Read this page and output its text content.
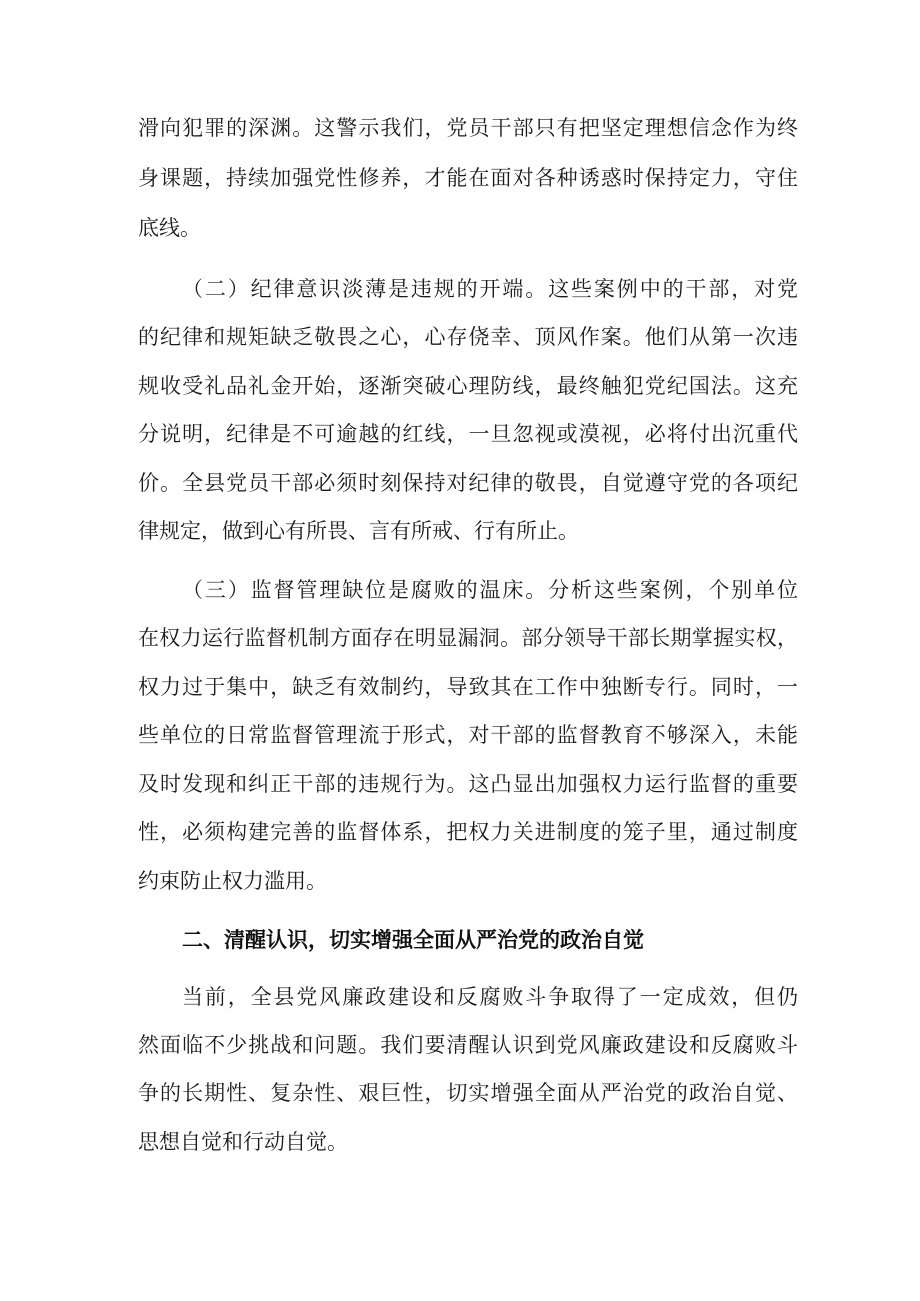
滑向犯罪的深渊。这警示我们，党员干部只有把坚定理想信念作为终
身课题，持续加强党性修养，才能在面对各种诱惑时保持定力，守住
底线。
（二）纪律意识淡薄是违规的开端。这些案例中的干部，对党
的纪律和规矩缺乏敬畏之心，心存侥幸、顶风作案。他们从第一次违
规收受礼品礼金开始，逐渐突破心理防线，最终触犯党纪国法。这充
分说明，纪律是不可逾越的红线，一旦忽视或漠视，必将付出沉重代
价。全县党员干部必须时刻保持对纪律的敬畏，自觉遵守党的各项纪
律规定，做到心有所畏、言有所戒、行有所止。
（三）监督管理缺位是腐败的温床。分析这些案例，个别单位
在权力运行监督机制方面存在明显漏洞。部分领导干部长期掌握实权，
权力过于集中，缺乏有效制约，导致其在工作中独断专行。同时，一
些单位的日常监督管理流于形式，对干部的监督教育不够深入，未能
及时发现和纠正干部的违规行为。这凸显出加强权力运行监督的重要
性，必须构建完善的监督体系，把权力关进制度的笼子里，通过制度
约束防止权力滥用。
二、清醒认识，切实增强全面从严治党的政治自觉
当前，全县党风廉政建设和反腐败斗争取得了一定成效，但仍
然面临不少挑战和问题。我们要清醒认识到党风廉政建设和反腐败斗
争的长期性、复杂性、艰巨性，切实增强全面从严治党的政治自觉、
思想自觉和行动自觉。
